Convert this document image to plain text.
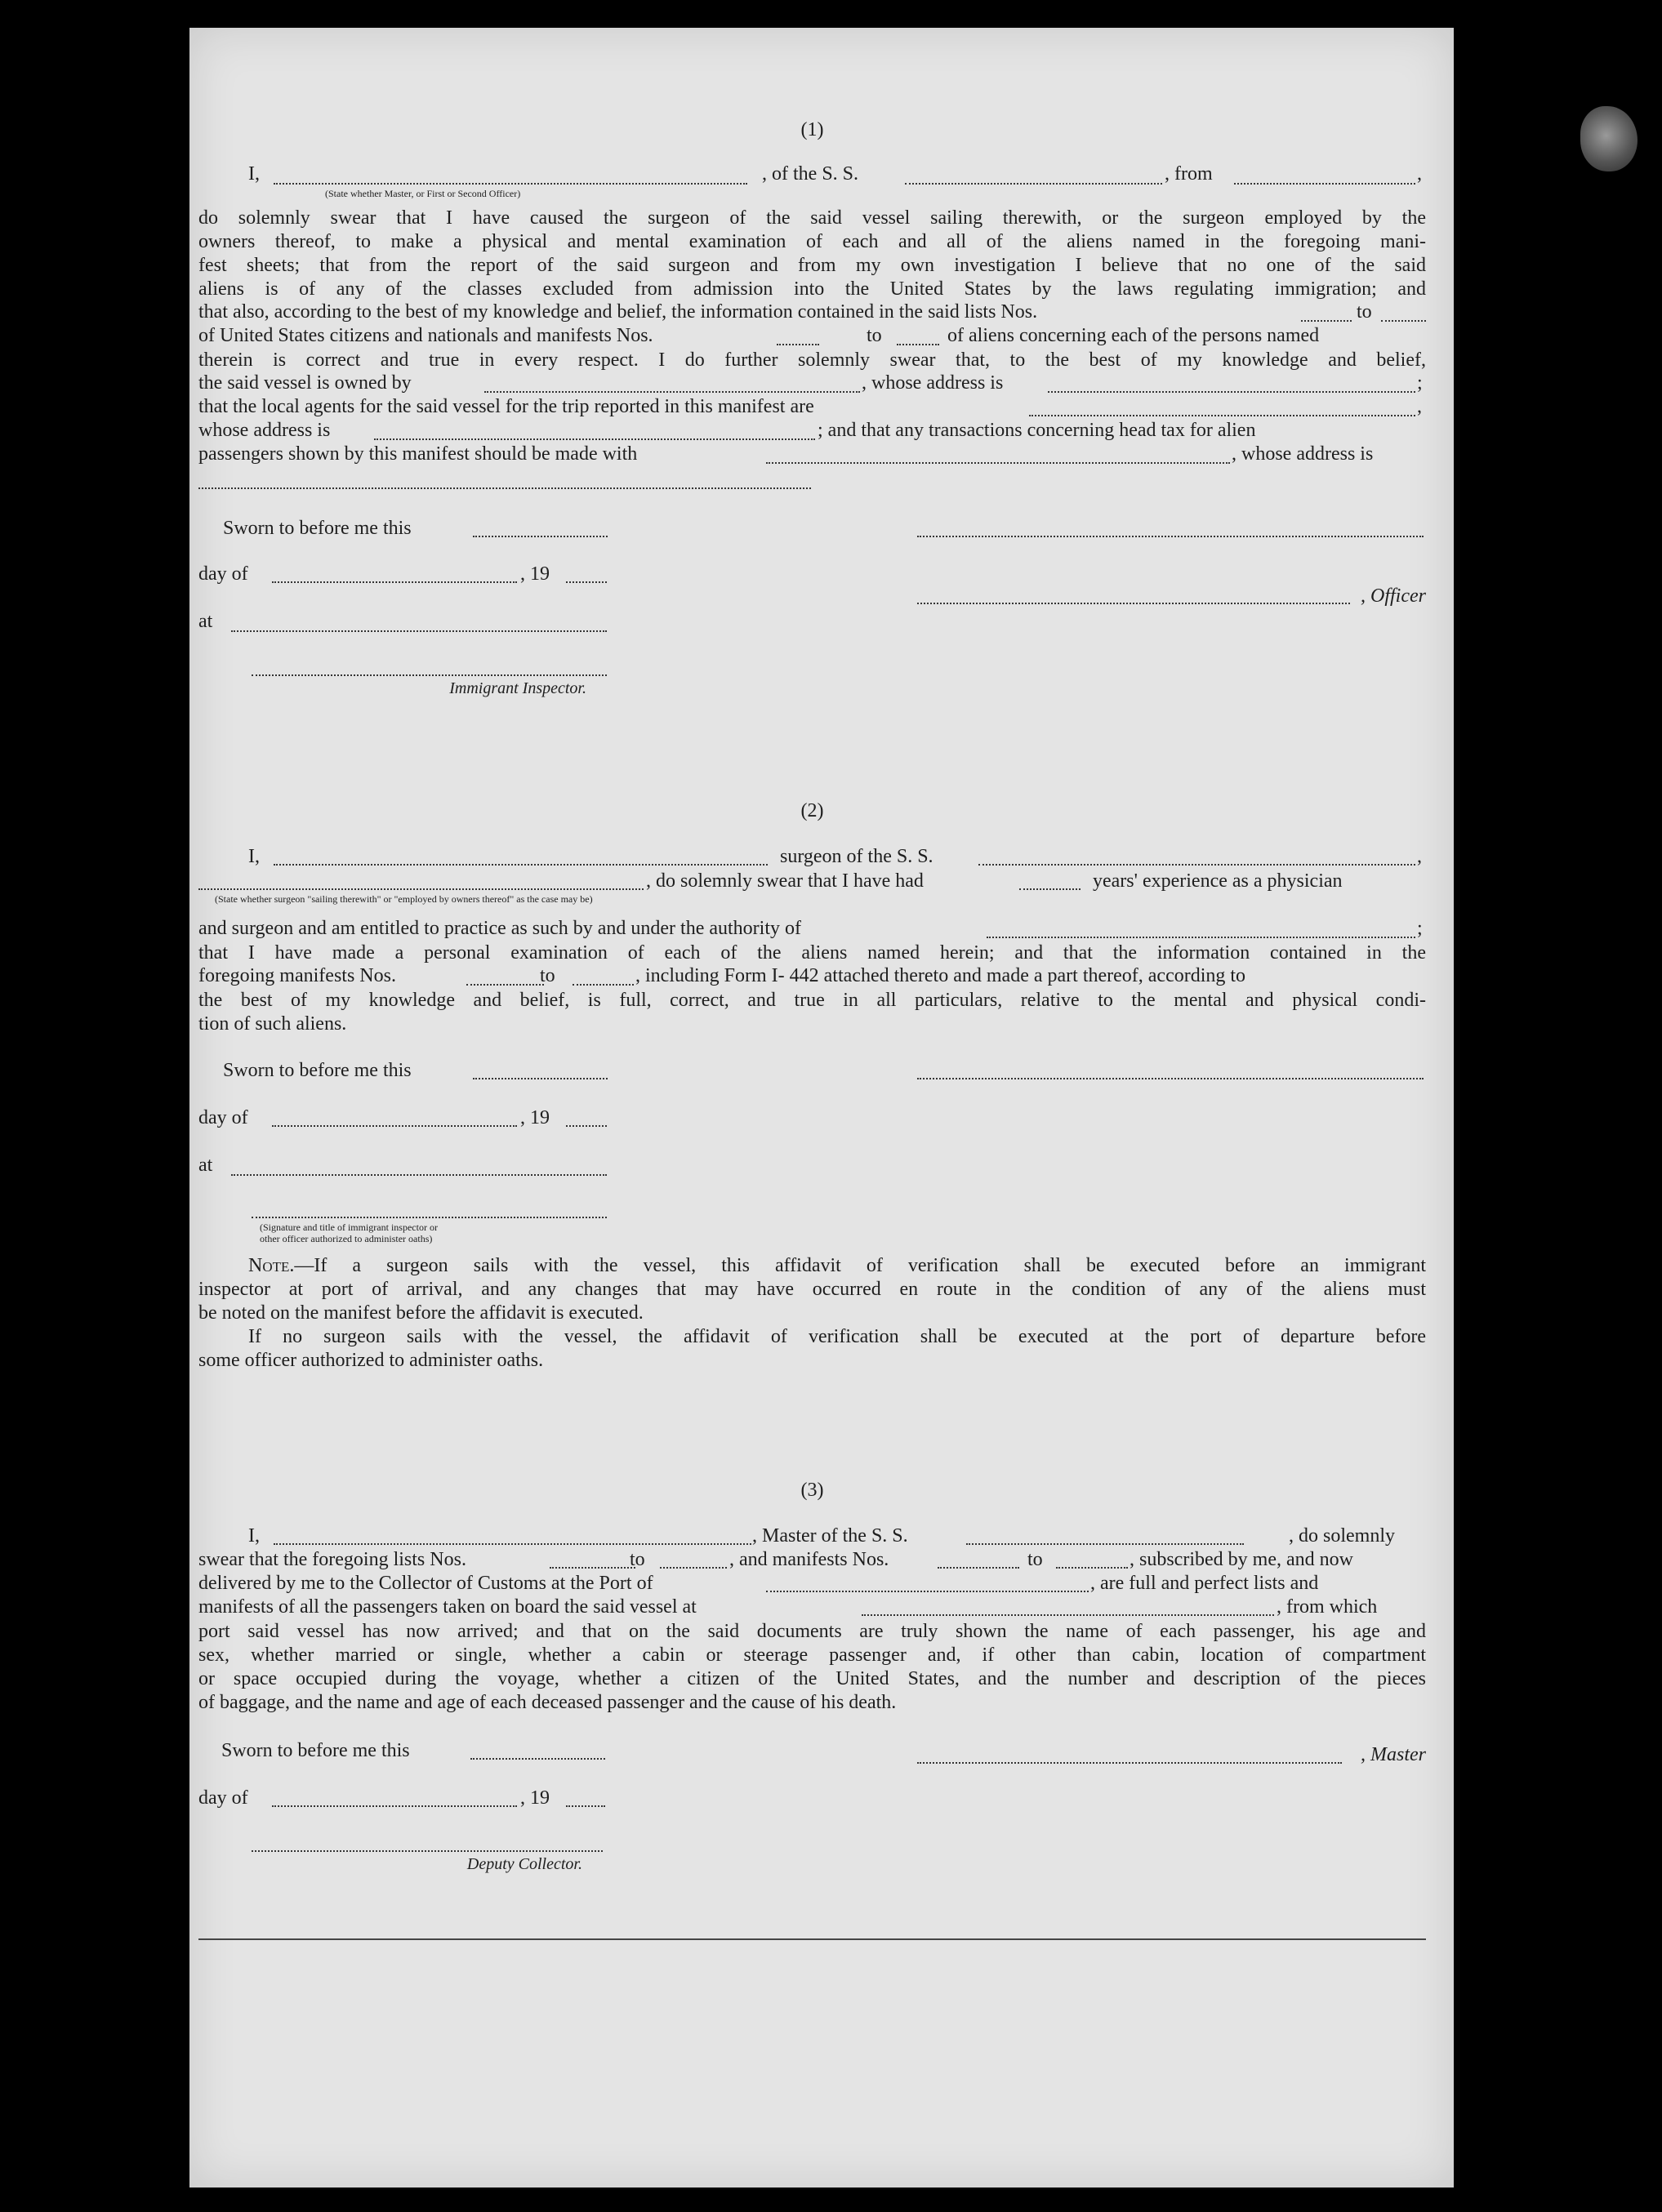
(1)
I,
(State whether Master, or First or Second Officer)
, of the S. S.	, from	,
do solemnly swear that I have caused the surgeon of the said vessel sailing therewith, or the surgeon employed by the
owners thereof, to make a physical and mental examination of each and all of the aliens named in the foregoing mani-
fest sheets; that from the report of the said surgeon and from my own investigation I believe that no one of the said
aliens is of any of the classes excluded from admission into the United States by the laws regulating immigration; and
that also, according to the best of my knowledge and belief, the information contained in the said lists Nos.	to
of United States citizens and nationals and manifests Nos.	to	of aliens concerning each of the persons named
therein is correct and true in every respect. I do further solemnly swear that, to the best of my knowledge and belief,
the said vessel is owned by	, whose address is	;
that the local agents for the said vessel for the trip reported in this manifest are	,
whose address is	; and that any transactions concerning head tax for alien
passengers shown by this manifest should be made with	, whose address is
Sworn to before me this
day of	, 19
, Officer
at
Immigrant Inspector.
(2)
I,	surgeon of the S. S.	,
, do solemnly swear that I have had	years' experience as a physician
(State whether surgeon "sailing therewith" or "employed by owners thereof" as the case may be)
and surgeon and am entitled to practice as such by and under the authority of	;
that I have made a personal examination of each of the aliens named herein; and that the information contained in the
foregoing manifests Nos.	to	, including Form I- 442 attached thereto and made a part thereof, according to
the best of my knowledge and belief, is full, correct, and true in all particulars, relative to the mental and physical condi-
tion of such aliens.
Sworn to before me this
day of	, 19
at
(Signature and title of immigrant inspector or
other officer authorized to administer oaths)
Note.—If a surgeon sails with the vessel, this affidavit of verification shall be executed before an immigrant
inspector at port of arrival, and any changes that may have occurred en route in the condition of any of the aliens must
be noted on the manifest before the affidavit is executed.
If no surgeon sails with the vessel, the affidavit of verification shall be executed at the port of departure before
some officer authorized to administer oaths.
(3)
I,	, Master of the S. S.	, do solemnly
swear that the foregoing lists Nos.	to	, and manifests Nos.	to	, subscribed by me, and now
delivered by me to the Collector of Customs at the Port of	, are full and perfect lists and
manifests of all the passengers taken on board the said vessel at	, from which
port said vessel has now arrived; and that on the said documents are truly shown the name of each passenger, his age and
sex, whether married or single, whether a cabin or steerage passenger and, if other than cabin, location of compartment
or space occupied during the voyage, whether a citizen of the United States, and the number and description of the pieces
of baggage, and the name and age of each deceased passenger and the cause of his death.
Sworn to before me this	, Master
day of	, 19
Deputy Collector.
